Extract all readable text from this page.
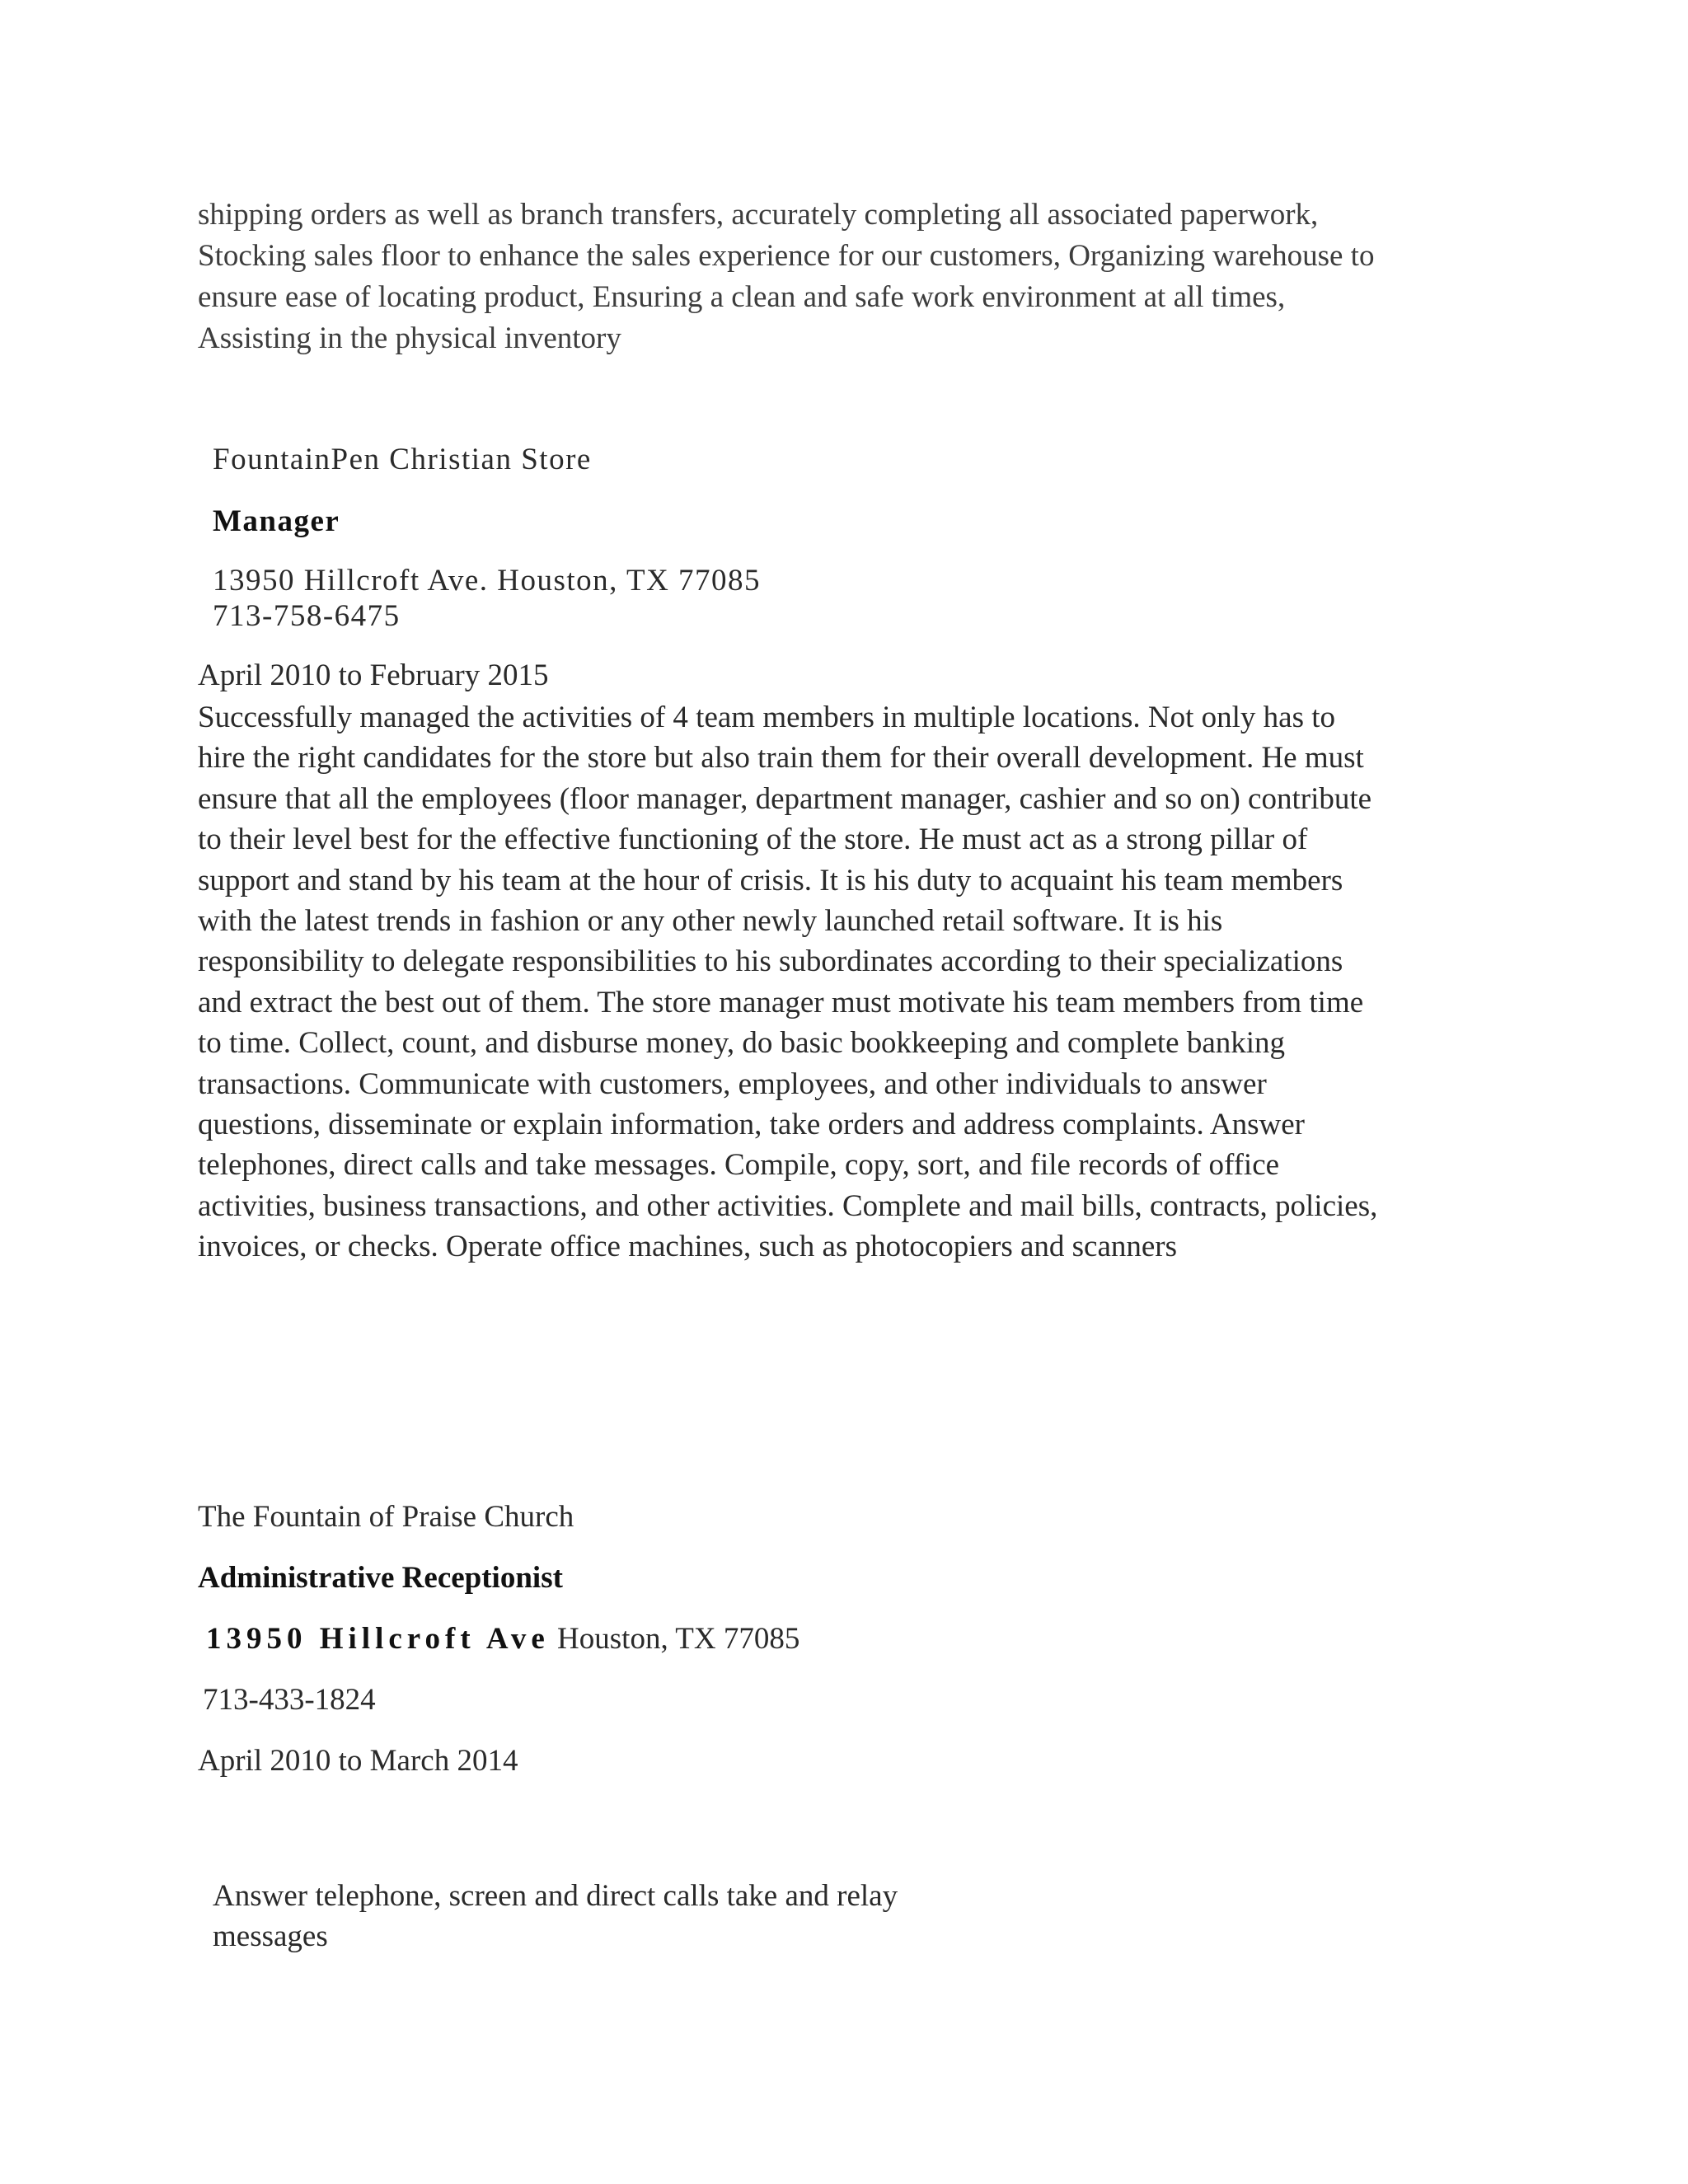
shipping orders as well as branch transfers, accurately completing all associated paperwork,
Stocking sales floor to enhance the sales experience for our customers, Organizing warehouse to
ensure ease of locating product, Ensuring a clean and safe work environment at all times,
Assisting in the physical inventory
FountainPen Christian Store
Manager
13950 Hillcroft Ave. Houston, TX 77085
713-758-6475
April 2010 to February 2015
Successfully managed the activities of 4 team members in multiple locations. Not only has to
hire the right candidates for the store but also train them for their overall development. He must
ensure that all the employees (floor manager, department manager, cashier and so on) contribute
to their level best for the effective functioning of the store. He must act as a strong pillar of
support and stand by his team at the hour of crisis. It is his duty to acquaint his team members
with the latest trends in fashion or any other newly launched retail software. It is his
responsibility to delegate responsibilities to his subordinates according to their specializations
and extract the best out of them. The store manager must motivate his team members from time
to time. Collect, count, and disburse money, do basic bookkeeping and complete banking
transactions. Communicate with customers, employees, and other individuals to answer
questions, disseminate or explain information, take orders and address complaints. Answer
telephones, direct calls and take messages. Compile, copy, sort, and file records of office
activities, business transactions, and other activities. Complete and mail bills, contracts, policies,
invoices, or checks. Operate office machines, such as photocopiers and scanners
The Fountain of Praise Church
Administrative Receptionist
13950 Hillcroft Ave Houston, TX 77085
713-433-1824
April 2010 to March 2014
Answer telephone, screen and direct calls take and relay
messages
